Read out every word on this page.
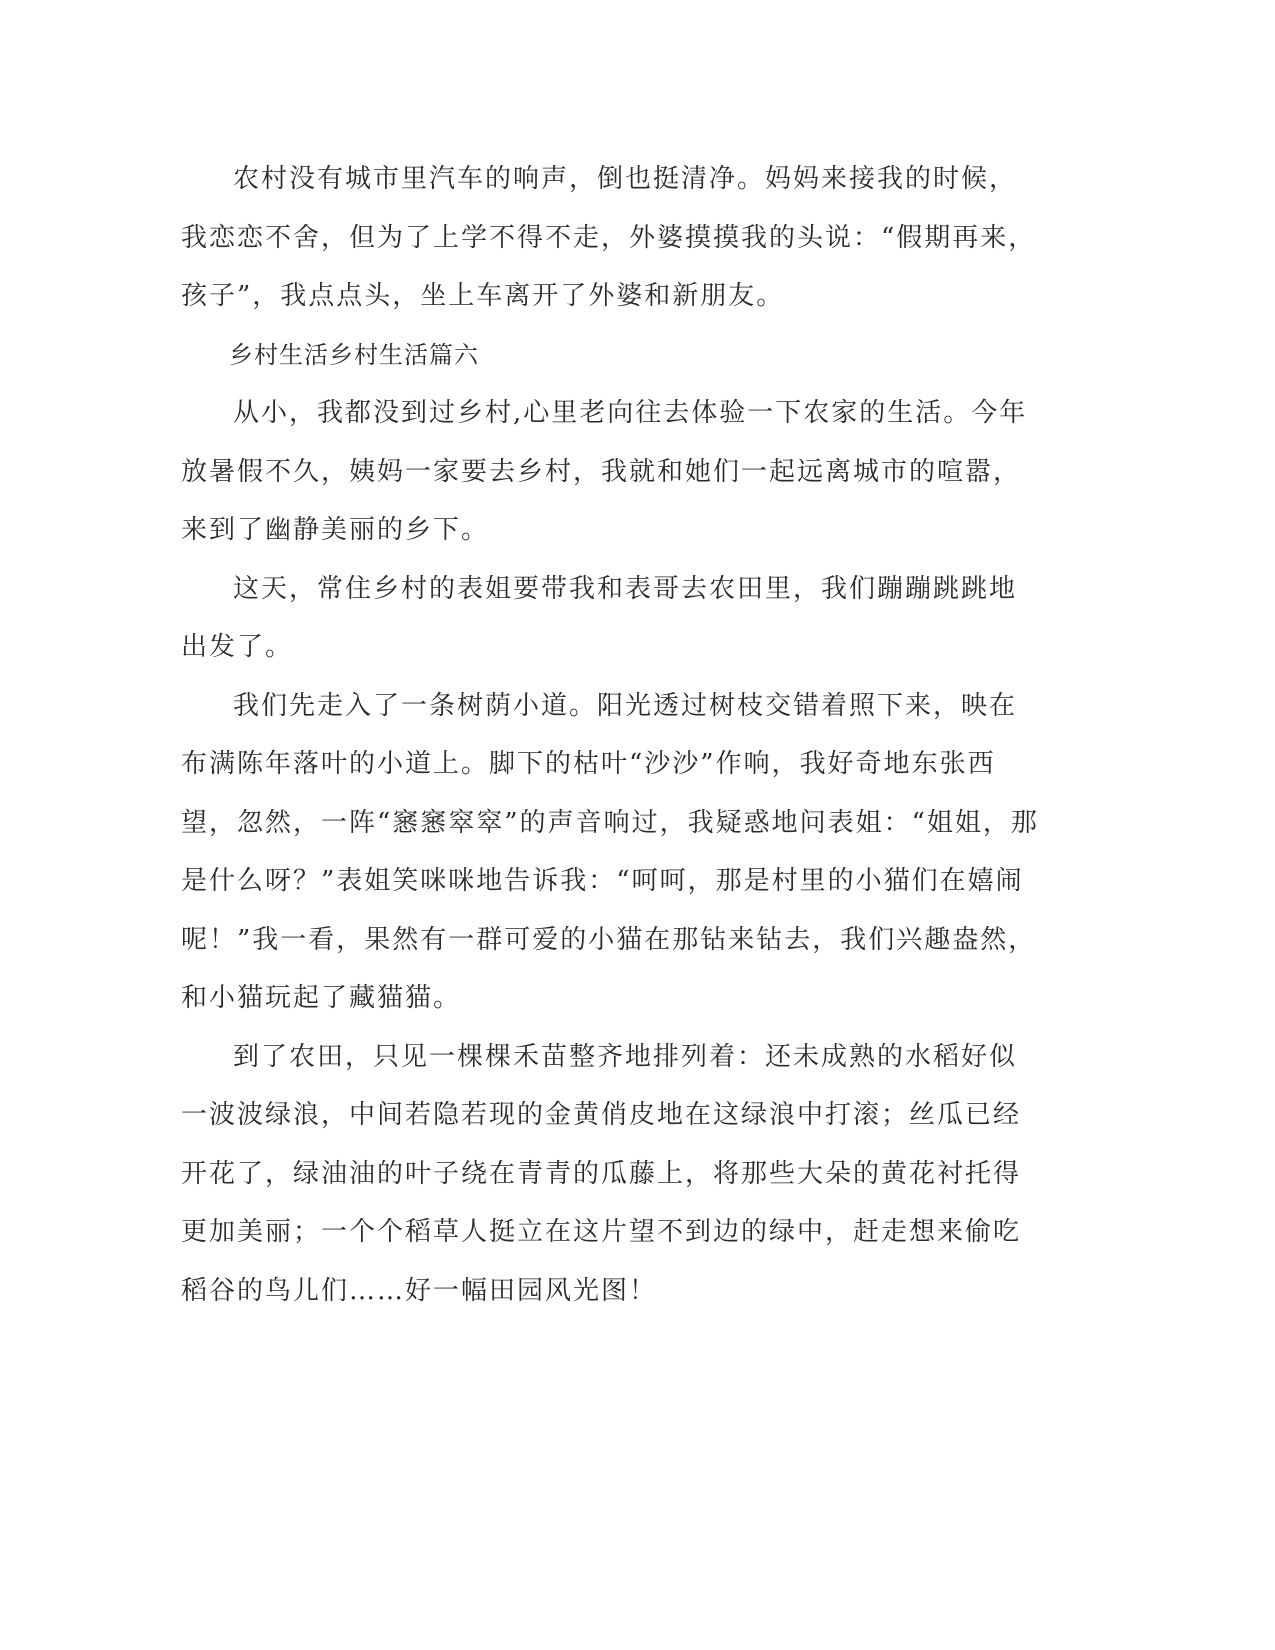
农村没有城市里汽车的响声，倒也挺清净。妈妈来接我的时候，我恋恋不舍，但为了上学不得不走，外婆摸摸我的头说：“假期再来，孩子”，我点点头，坐上车离开了外婆和新朋友。

乡村生活乡村生活篇六

从小，我都没到过乡村,心里老向往去体验一下农家的生活。今年放暑假不久，姨妈一家要去乡村，我就和她们一起远离城市的喧嚣，来到了幽静美丽的乡下。

这天，常住乡村的表姐要带我和表哥去农田里，我们蹦蹦跳跳地出发了。

我们先走入了一条树荫小道。阳光透过树枝交错着照下来，映在布满陈年落叶的小道上。脚下的枯叶“沙沙”作响，我好奇地东张西望，忽然，一阵“窸窸窣窣”的声音响过，我疑惑地问表姐：“姐姐，那是什么呀？”表姐笑咪咪地告诉我：“呵呵，那是村里的小猫们在嬉闹呢！”我一看，果然有一群可爱的小猫在那钻来钻去，我们兴趣盎然，和小猫玩起了藏猫猫。

到了农田，只见一棵棵禾苗整齐地排列着：还未成熟的水稻好似一波波绿浪，中间若隐若现的金黄俏皮地在这绿浪中打滚；丝瓜已经开花了，绿油油的叶子绕在青青的瓜藤上，将那些大朵的黄花衬托得更加美丽；一个个稻草人挺立在这片望不到边的绿中，赶走想来偷吃稻谷的鸟儿们……好一幅田园风光图！
